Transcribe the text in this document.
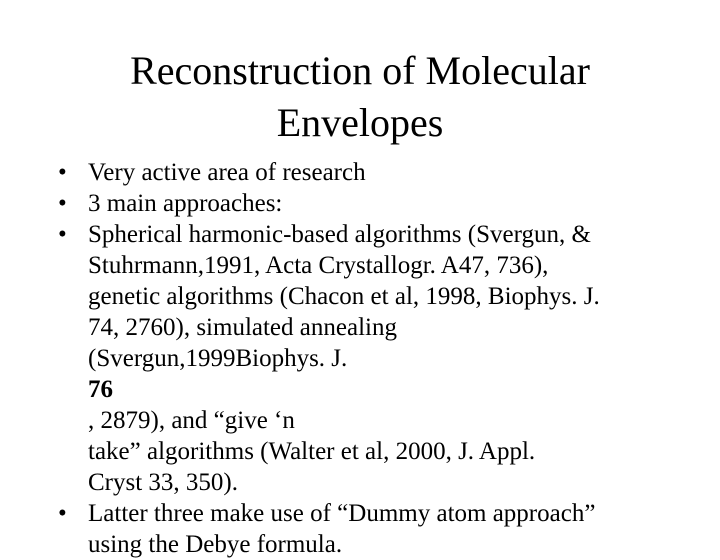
Reconstruction of Molecular
Envelopes
• Very active area of research
• 3 main approaches:
• Spherical harmonic-based algorithms (Svergun, &
Stuhrmann,1991, Acta Crystallogr. A47, 736),
genetic algorithms (Chacon et al, 1998, Biophys. J.
74, 2760), simulated annealing
(Svergun,1999Biophys. J.
76
, 2879), and “give ‘n
take” algorithms (Walter et al, 2000, J. Appl.
Cryst 33, 350).
• Latter three make use of “Dummy atom approach”
using the Debye formula.
